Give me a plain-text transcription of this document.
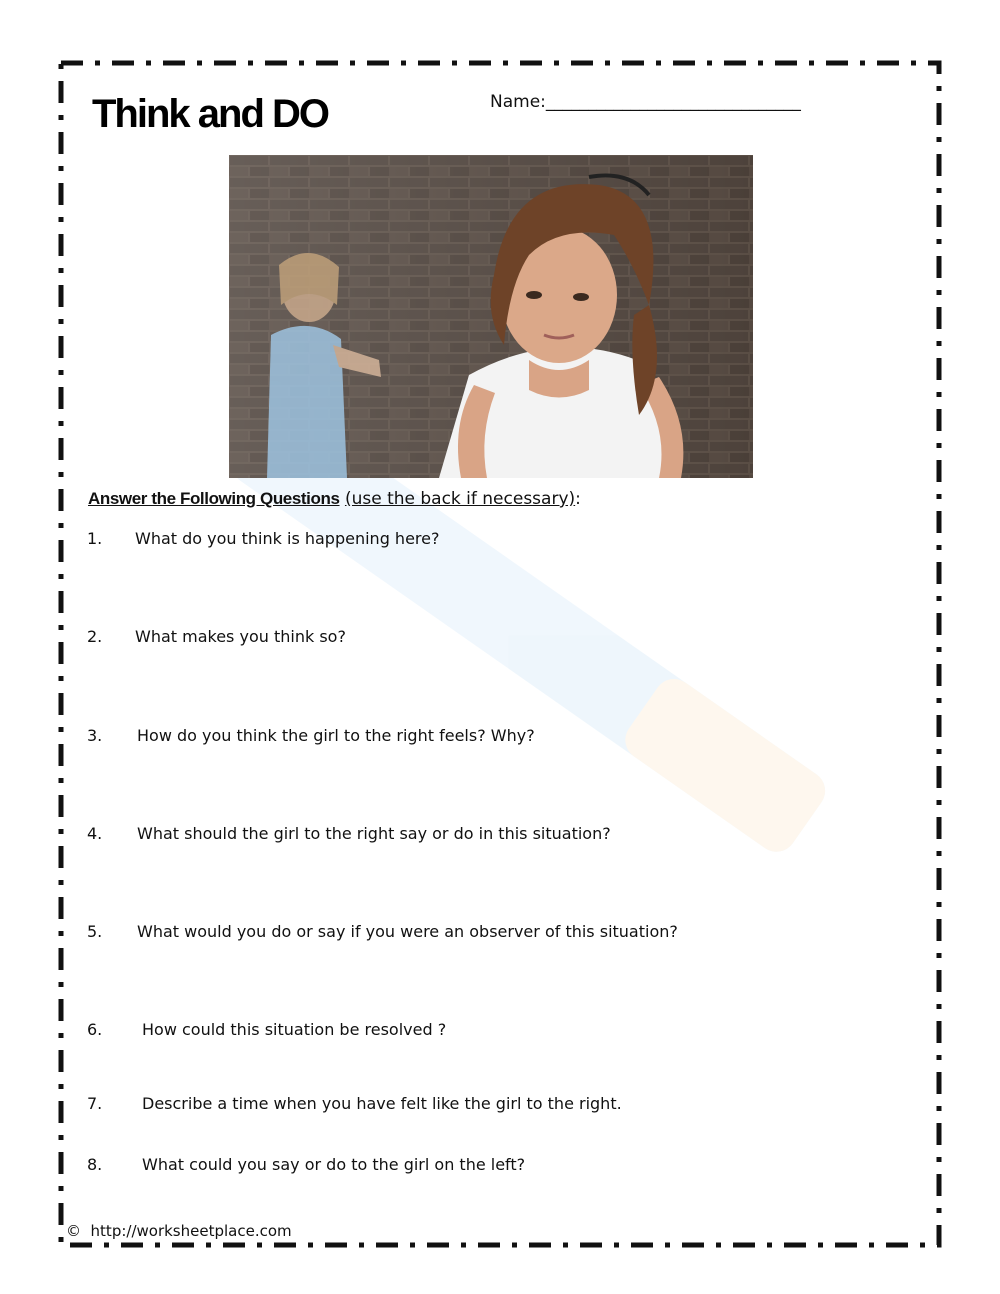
Think and DO	Name:______________________________
Answer the Following Questions (use the back if necessary):
1. What do you think is happening here?
2. What makes you think so?
3. How do you think the girl to the right feels? Why?
4. What should the girl to the right say or do in this situation?
5. What would you do or say if you were an observer of this situation?
6. How could this situation be resolved ?
7. Describe a time when you have felt like the girl to the right.
8. What could you say or do to the girl on the left?
© http://worksheetplace.com
